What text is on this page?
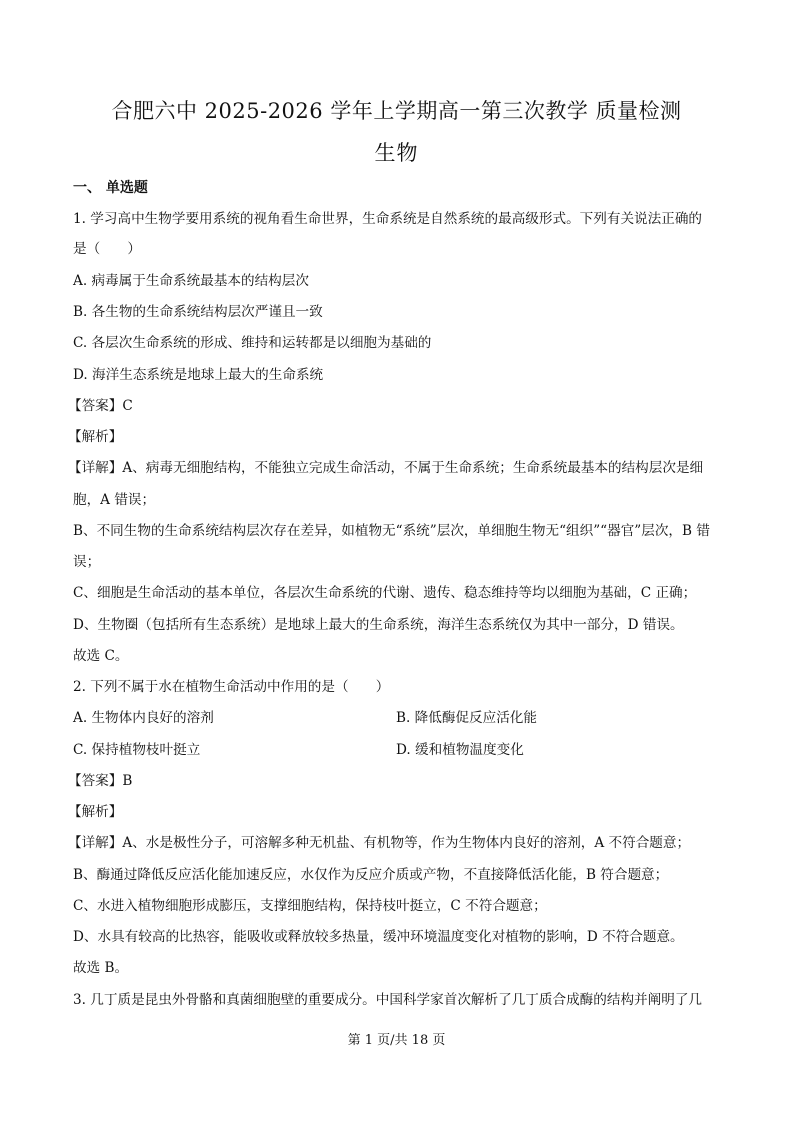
合肥六中 2025-2026 学年上学期高一第三次教学 质量检测
生物
一、 单选题
1. 学习高中生物学要用系统的视角看生命世界，生命系统是自然系统的最高级形式。下列有关说法正确的
是（　　）
A. 病毒属于生命系统最基本的结构层次
B. 各生物的生命系统结构层次严谨且一致
C. 各层次生命系统的形成、维持和运转都是以细胞为基础的
D. 海洋生态系统是地球上最大的生命系统
【答案】C
【解析】
【详解】A、病毒无细胞结构，不能独立完成生命活动，不属于生命系统；生命系统最基本的结构层次是细
胞，A 错误；
B、不同生物的生命系统结构层次存在差异，如植物无“系统”层次，单细胞生物无“组织”“器官”层次，B 错
误；
C、细胞是生命活动的基本单位，各层次生命系统的代谢、遗传、稳态维持等均以细胞为基础，C 正确；
D、生物圈（包括所有生态系统）是地球上最大的生命系统，海洋生态系统仅为其中一部分，D 错误。
故选 C。
2. 下列不属于水在植物生命活动中作用的是（　　）
A. 生物体内良好的溶剂	B. 降低酶促反应活化能
C. 保持植物枝叶挺立	D. 缓和植物温度变化
【答案】B
【解析】
【详解】A、水是极性分子，可溶解多种无机盐、有机物等，作为生物体内良好的溶剂，A 不符合题意；
B、酶通过降低反应活化能加速反应，水仅作为反应介质或产物，不直接降低活化能，B 符合题意；
C、水进入植物细胞形成膨压，支撑细胞结构，保持枝叶挺立，C 不符合题意；
D、水具有较高的比热容，能吸收或释放较多热量，缓冲环境温度变化对植物的影响，D 不符合题意。
故选 B。
3. 几丁质是昆虫外骨骼和真菌细胞壁的重要成分。中国科学家首次解析了几丁质合成酶的结构并阐明了几
第 1 页/共 18 页
